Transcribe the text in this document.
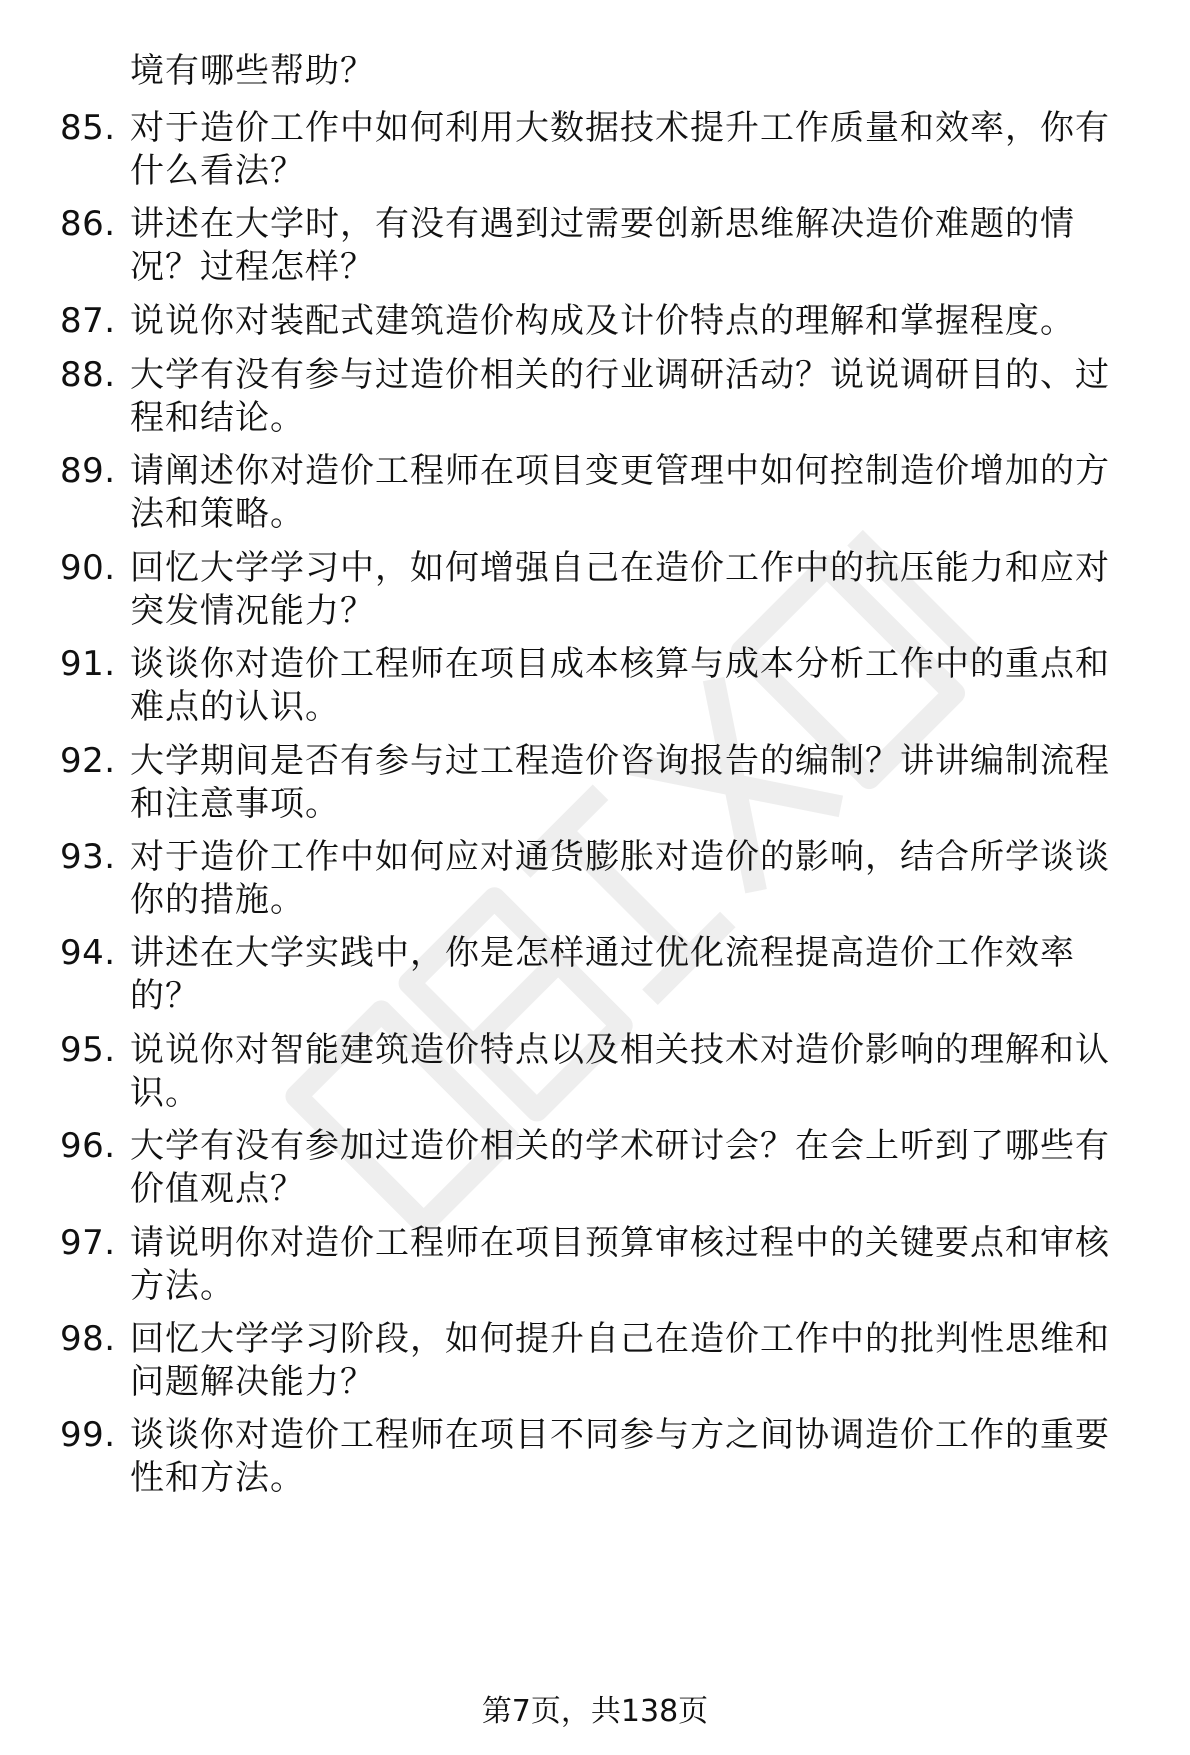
境有哪些帮助？
85. 对于造价工作中如何利用大数据技术提升工作质量和效率，你有
什么看法？
86. 讲述在大学时，有没有遇到过需要创新思维解决造价难题的情
况？过程怎样？
87. 说说你对装配式建筑造价构成及计价特点的理解和掌握程度。
88. 大学有没有参与过造价相关的行业调研活动？说说调研目的、过
程和结论。
89. 请阐述你对造价工程师在项目变更管理中如何控制造价增加的方
法和策略。
90. 回忆大学学习中，如何增强自己在造价工作中的抗压能力和应对
突发情况能力？
91. 谈谈你对造价工程师在项目成本核算与成本分析工作中的重点和
难点的认识。
92. 大学期间是否有参与过工程造价咨询报告的编制？讲讲编制流程
和注意事项。
93. 对于造价工作中如何应对通货膨胀对造价的影响，结合所学谈谈
你的措施。
94. 讲述在大学实践中，你是怎样通过优化流程提高造价工作效率
的？
95. 说说你对智能建筑造价特点以及相关技术对造价影响的理解和认
识。
96. 大学有没有参加过造价相关的学术研讨会？在会上听到了哪些有
价值观点？
97. 请说明你对造价工程师在项目预算审核过程中的关键要点和审核
方法。
98. 回忆大学学习阶段，如何提升自己在造价工作中的批判性思维和
问题解决能力？
99. 谈谈你对造价工程师在项目不同参与方之间协调造价工作的重要
性和方法。
第7页，共138页
